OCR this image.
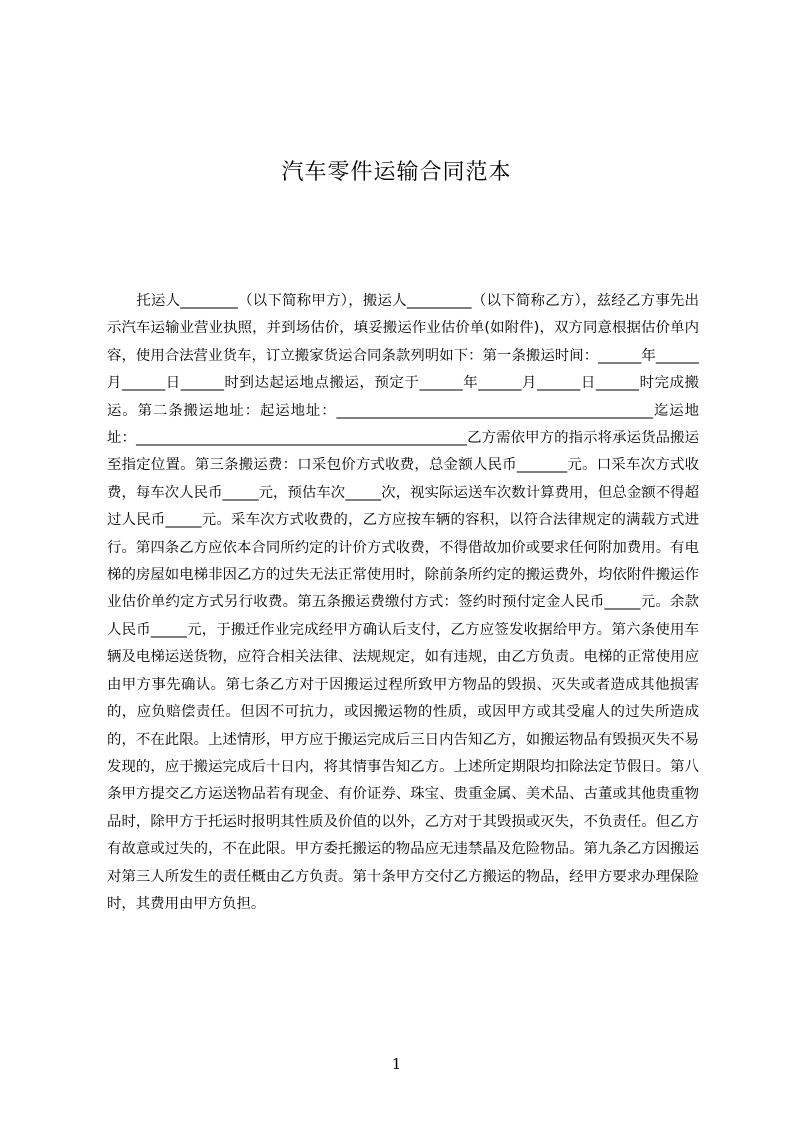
汽车零件运输合同范本
　　托运人________（以下简称甲方），搬运人_________（以下简称乙方），兹经乙方事先出示汽车运输业营业执照，并到场估价，填妥搬运作业估价单(如附件)，双方同意根据估价单内容，使用合法营业货车，订立搬家货运合同条款列明如下：第一条搬运时间：______年______月______日______时到达起运地点搬运，预定于______年______月______日______时完成搬运。第二条搬运地址：起运地址：____________________________________________迄运地址：______________________________________________乙方需依甲方的指示将承运货品搬运至指定位置。第三条搬运费：口采包价方式收费，总金额人民币_______元。口采车次方式收费，每车次人民币_____元，预估车次_____次，视实际运送车次数计算费用，但总金额不得超过人民币_____元。采车次方式收费的，乙方应按车辆的容积，以符合法律规定的满载方式进行。第四条乙方应依本合同所约定的计价方式收费，不得借故加价或要求任何附加费用。有电梯的房屋如电梯非因乙方的过失无法正常使用时，除前条所约定的搬运费外，均依附件搬运作业估价单约定方式另行收费。第五条搬运费缴付方式：签约时预付定金人民币_____元。余款人民币_____元，于搬迁作业完成经甲方确认后支付，乙方应签发收据给甲方。第六条使用车辆及电梯运送货物，应符合相关法律、法规规定，如有违规，由乙方负责。电梯的正常使用应由甲方事先确认。第七条乙方对于因搬运过程所致甲方物品的毁损、灭失或者造成其他损害的，应负赔偿责任。但因不可抗力，或因搬运物的性质，或因甲方或其受雇人的过失所造成的，不在此限。上述情形，甲方应于搬运完成后三日内告知乙方，如搬运物品有毁损灭失不易发现的，应于搬运完成后十日内，将其情事告知乙方。上述所定期限均扣除法定节假日。第八条甲方提交乙方运送物品若有现金、有价证券、珠宝、贵重金属、美术品、古董或其他贵重物品时，除甲方于托运时报明其性质及价值的以外，乙方对于其毁损或灭失，不负责任。但乙方有故意或过失的，不在此限。甲方委托搬运的物品应无违禁晶及危险物品。第九条乙方因搬运对第三人所发生的责任概由乙方负责。第十条甲方交付乙方搬运的物品，经甲方要求办理保险时，其费用由甲方负担。
1
